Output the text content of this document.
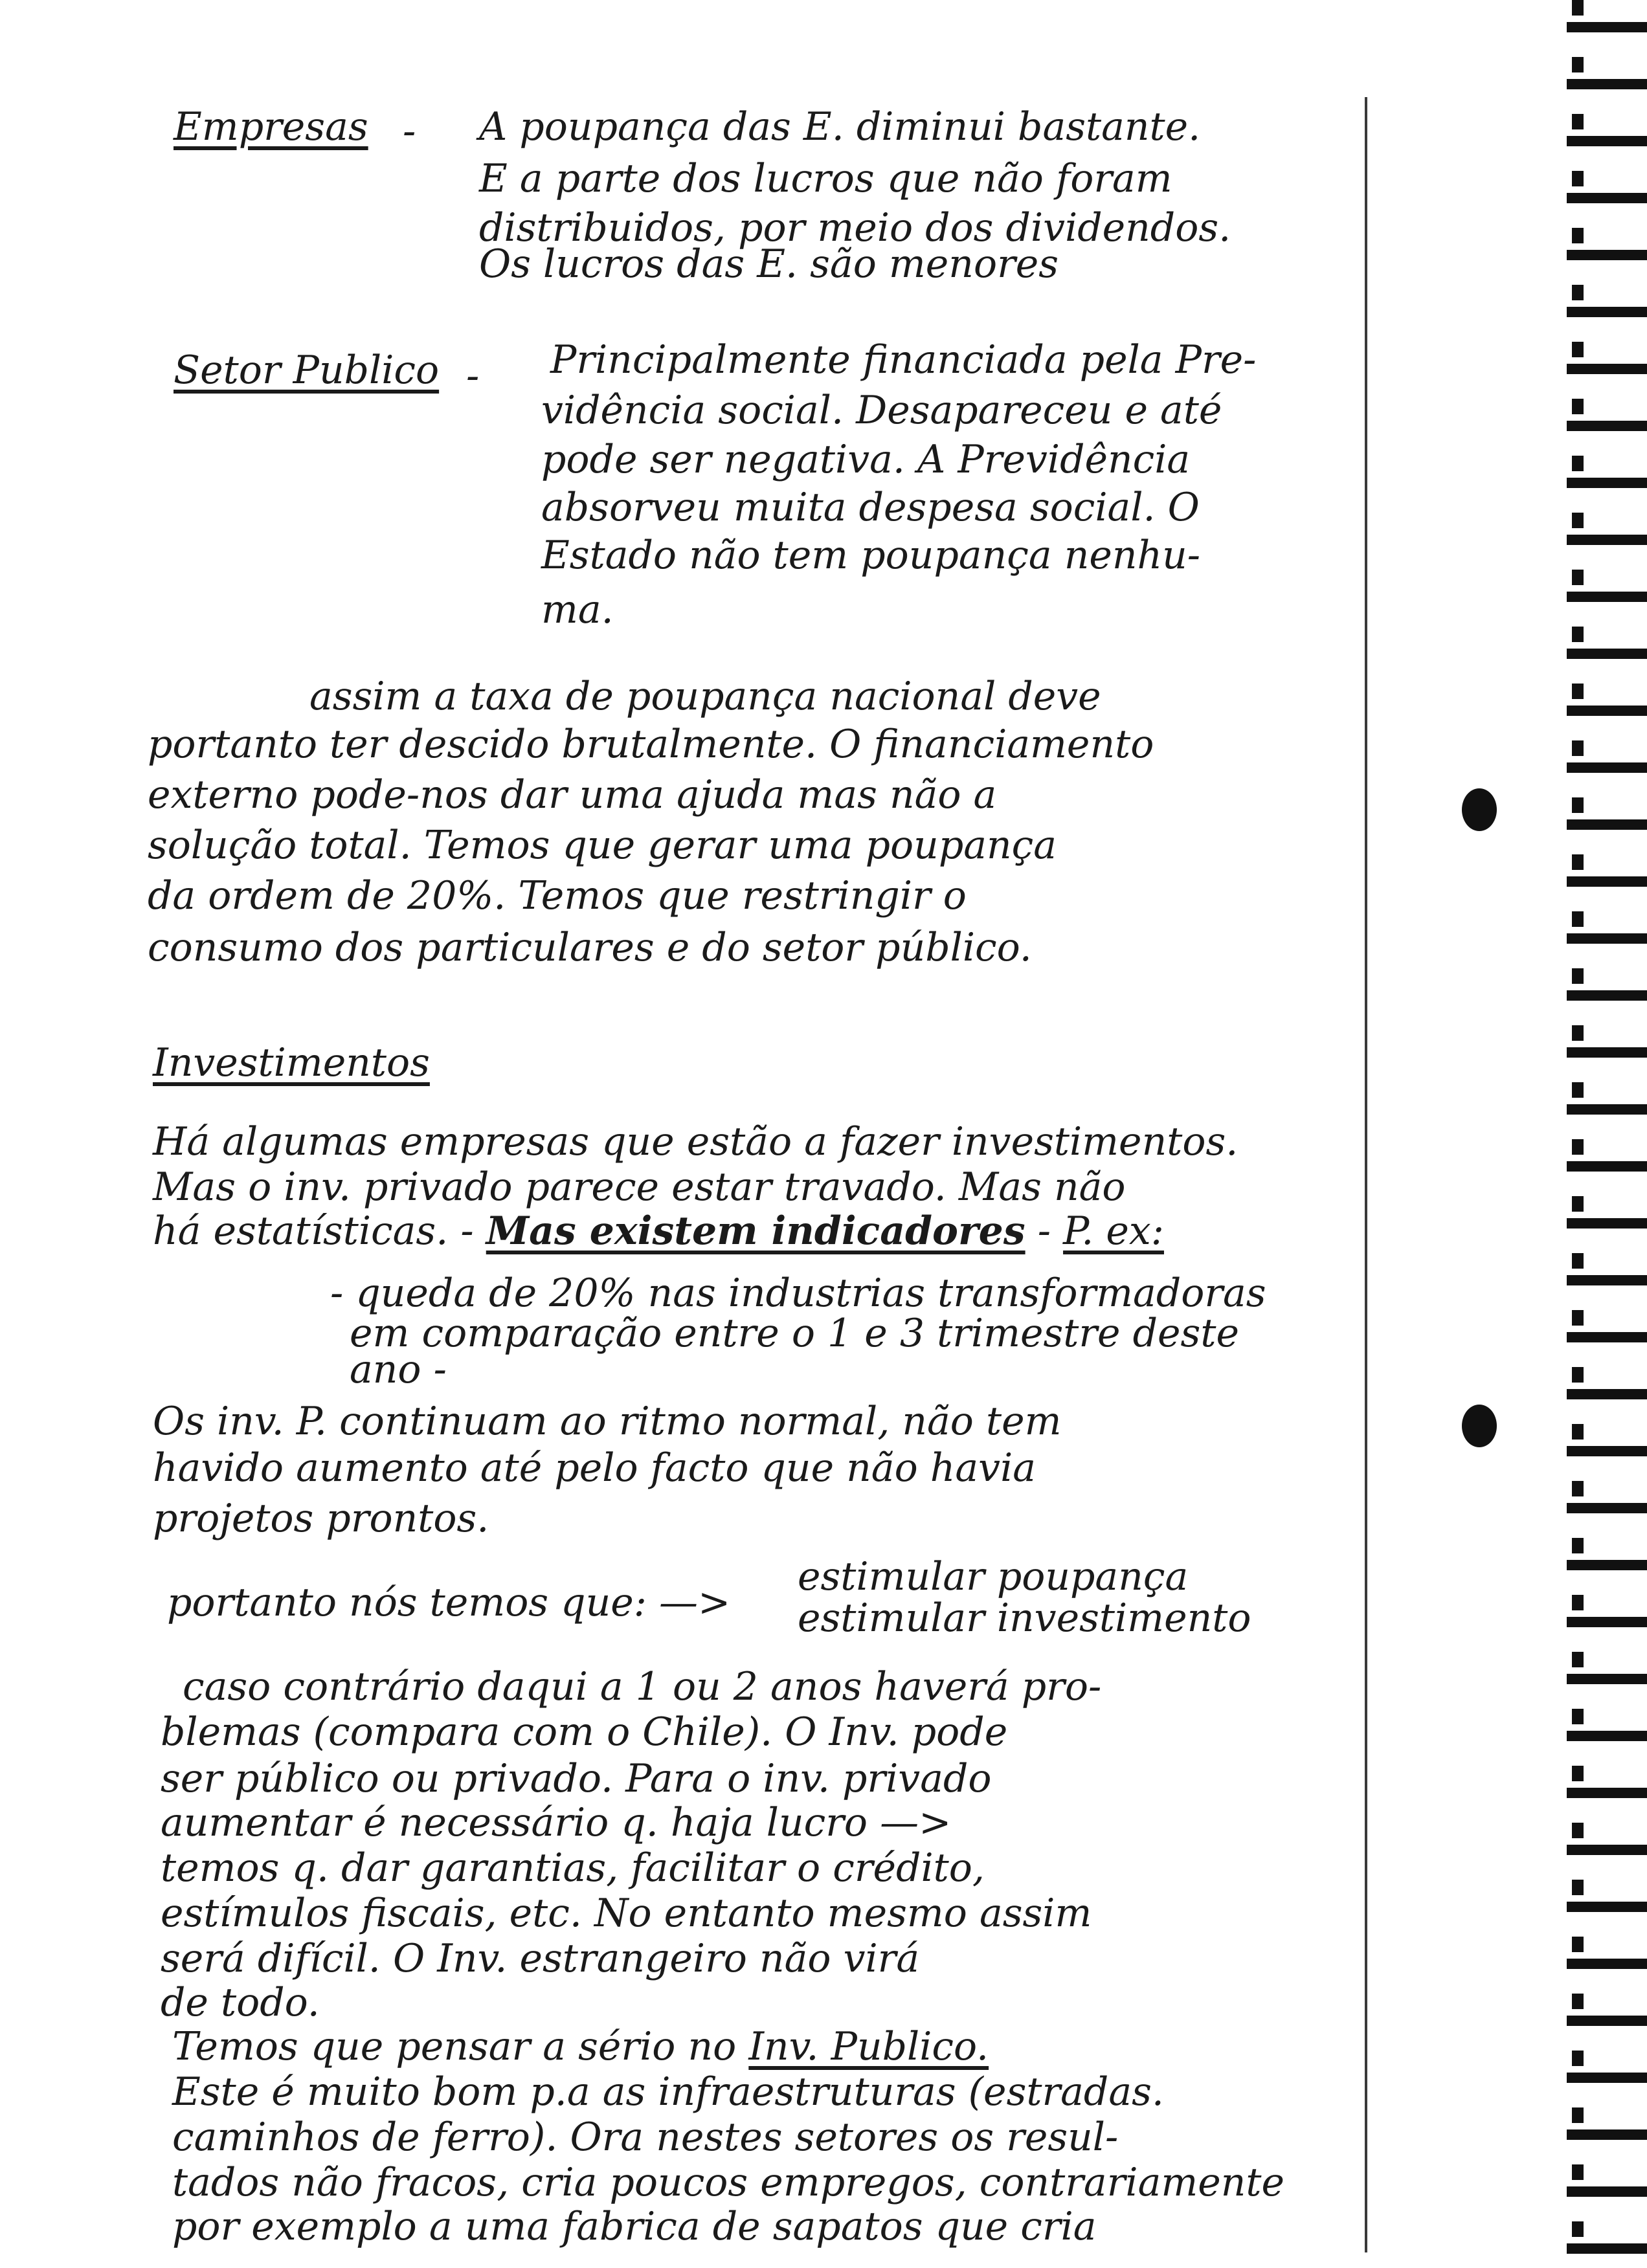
Empresas - A poupança das E. diminui bastante.
E a parte dos lucros que não foram
distribuidos, por meio dos dividendos.
Os lucros das E. são menores
Setor Publico - Principalmente financiada pela Pre-
vidência social. Desapareceu e até
pode ser negativa. A Previdência
absorveu muita despesa social. O
Estado não tem poupança nenhu-
ma.
assim a taxa de poupança nacional deve
portanto ter descido brutalmente. O financiamento
externo pode-nos dar uma ajuda mas não a
solução total. Temos que gerar uma poupança
da ordem de 20%. Temos que restringir o
consumo dos particulares e do setor público.
Investimentos
Há algumas empresas que estão a fazer investimentos.
Mas o inv. privado parece estar travado. Mas não
há estatísticas. - Mas existem indicadores - P. ex:
- queda de 20% nas industrias transformadoras
em comparação entre o 1 e 3 trimestre deste
ano -
Os inv. P. continuam ao ritmo normal, não tem
havido aumento até pelo facto que não havia
projetos prontos.
portanto nós temos que: —>
estimular poupança
estimular investimento
caso contrário daqui a 1 ou 2 anos haverá pro-
blemas (compara com o Chile). O Inv. pode
ser público ou privado. Para o inv. privado
aumentar é necessário q. haja lucro —>
temos q. dar garantias, facilitar o crédito,
estímulos fiscais, etc. No entanto mesmo assim
será difícil. O Inv. estrangeiro não virá
de todo.
Temos que pensar a sério no Inv. Publico.
Este é muito bom p.a as infraestruturas (estradas.
caminhos de ferro). Ora nestes setores os resul-
tados não fracos, cria poucos empregos, contrariamente
por exemplo a uma fabrica de sapatos que cria
